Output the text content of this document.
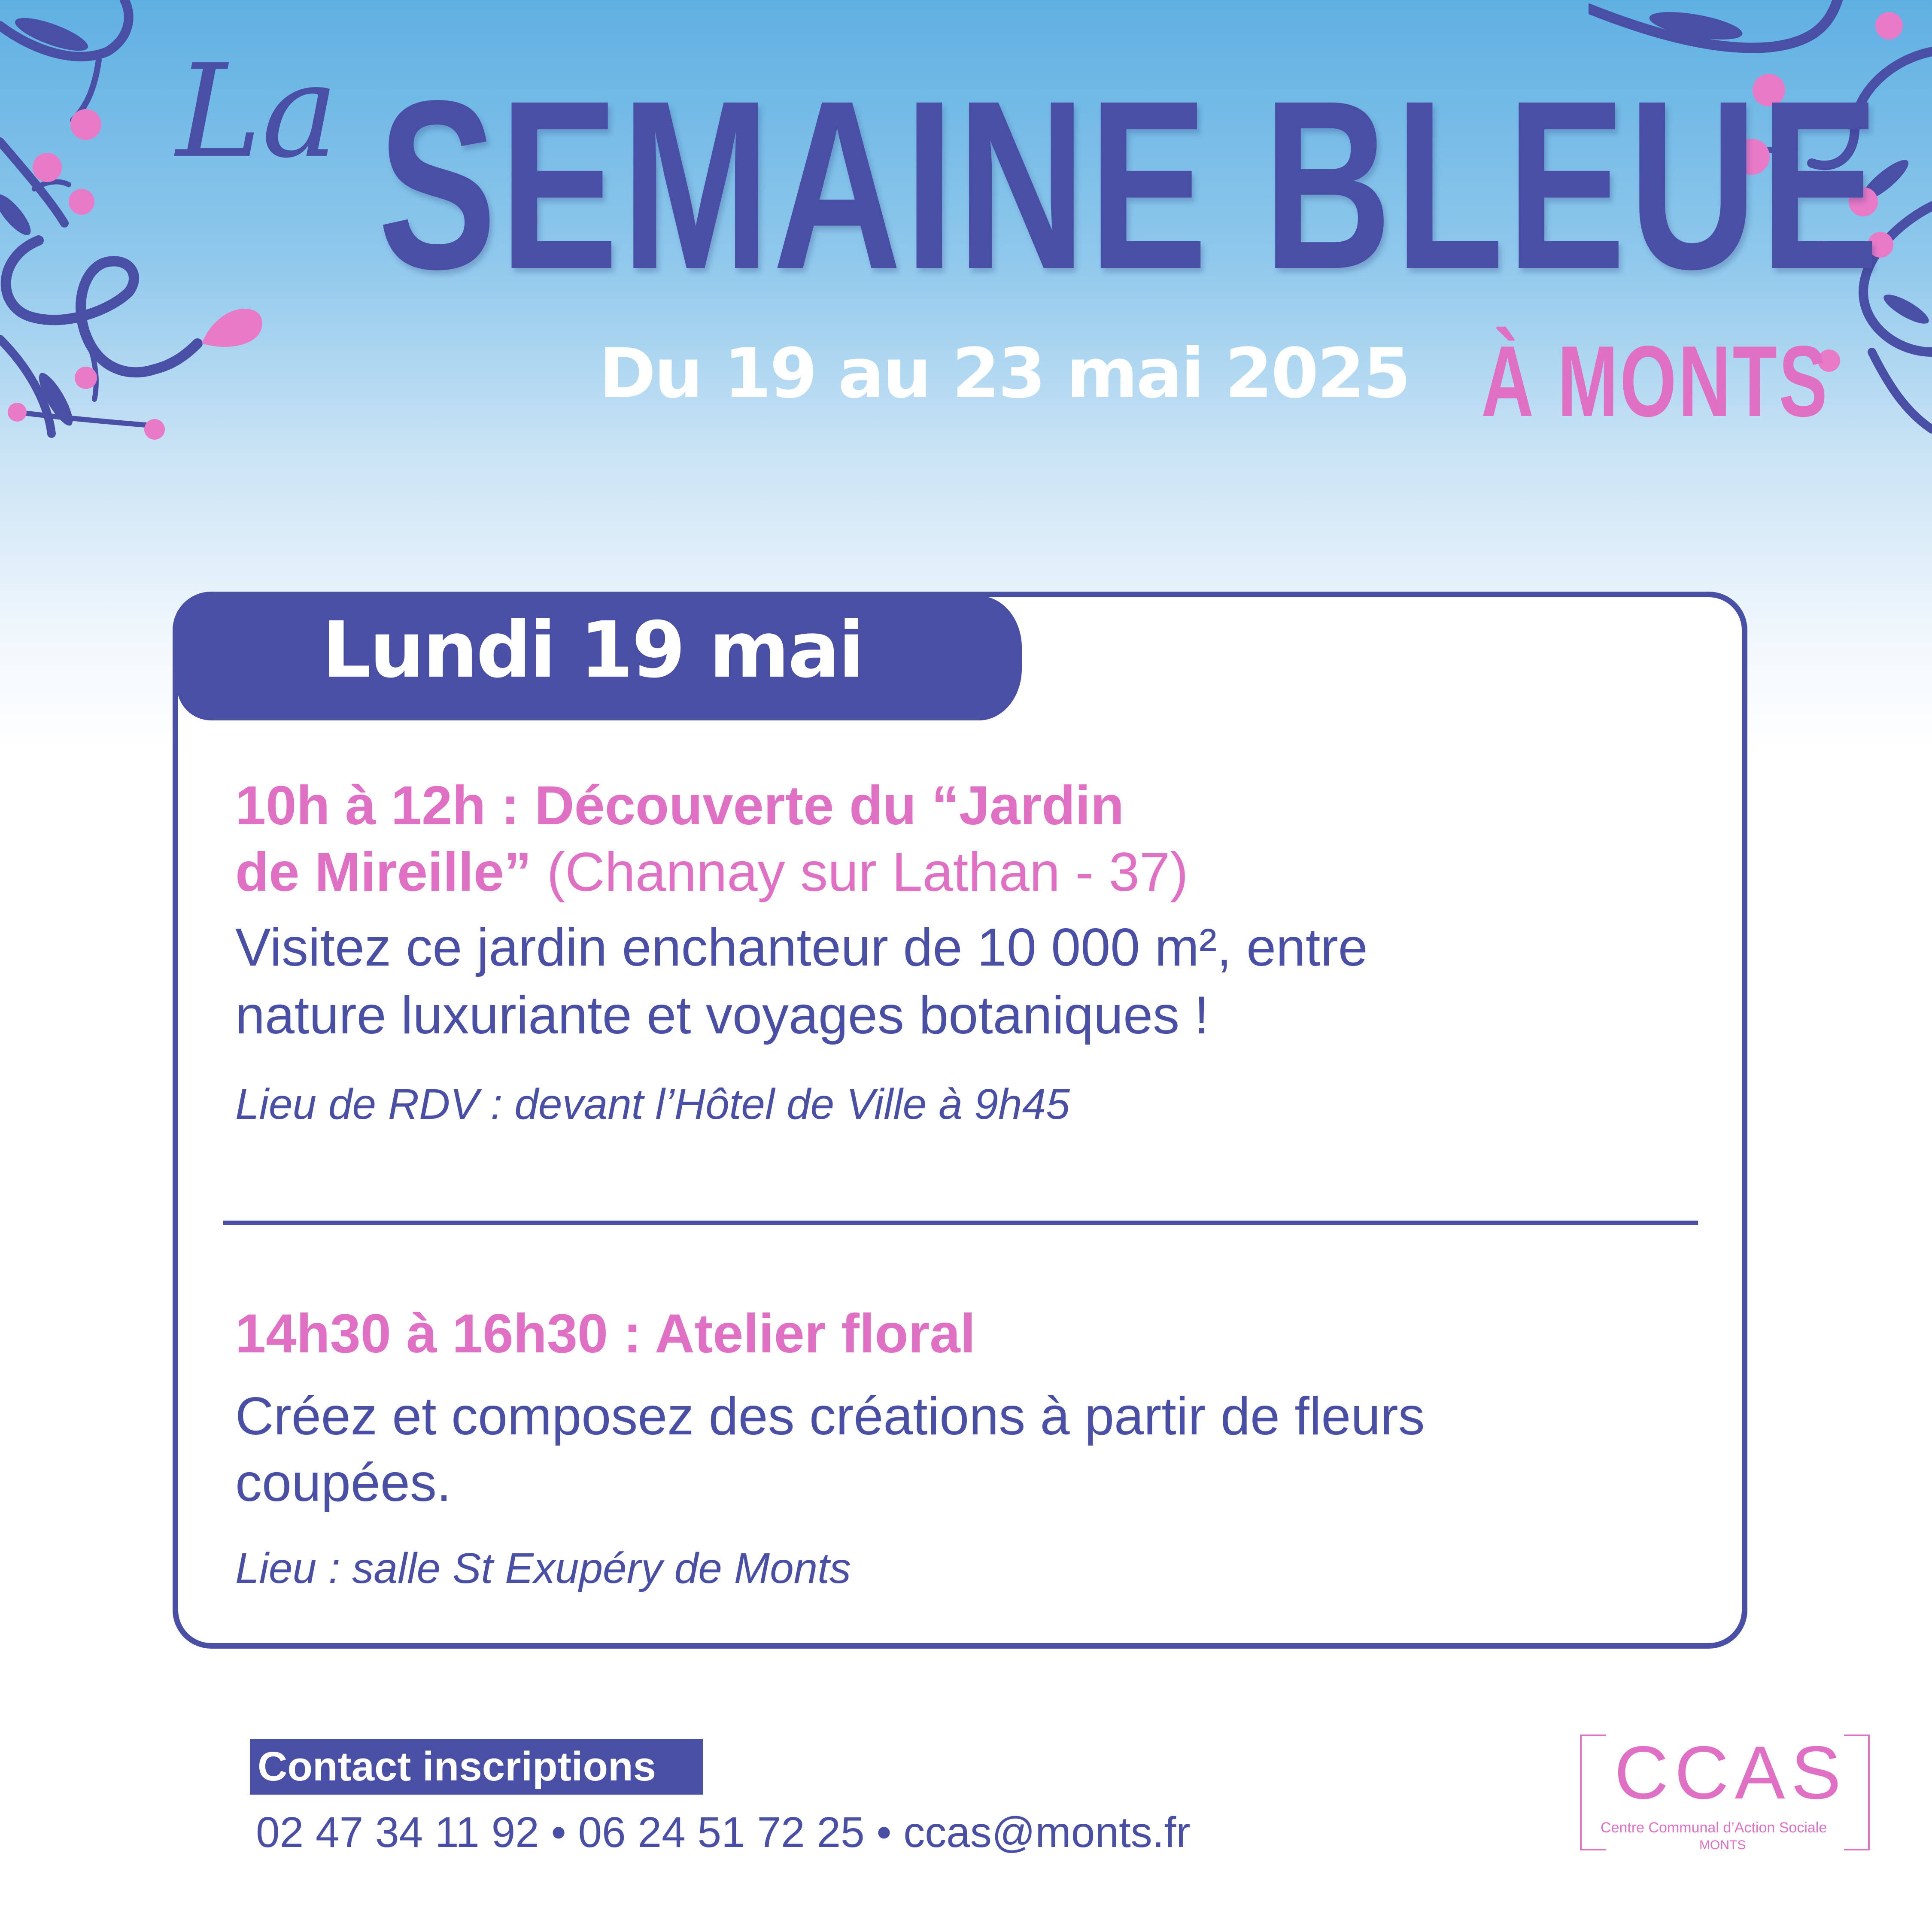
La SEMAINE BLEUE
Du 19 au 23 mai 2025 À MONTS
Lundi 19 mai
10h à 12h : Découverte du “Jardin
de Mireille” (Channay sur Lathan - 37)
Visitez ce jardin enchanteur de 10 000 m², entre
nature luxuriante et voyages botaniques !
Lieu de RDV : devant l’Hôtel de Ville à 9h45
14h30 à 16h30 : Atelier floral
Créez et composez des créations à partir de fleurs
coupées.
Lieu : salle St Exupéry de Monts
Contact inscriptions
02 47 34 11 92 • 06 24 51 72 25 • ccas@monts.fr
CCAS
Centre Communal d’Action Sociale
MONTS
